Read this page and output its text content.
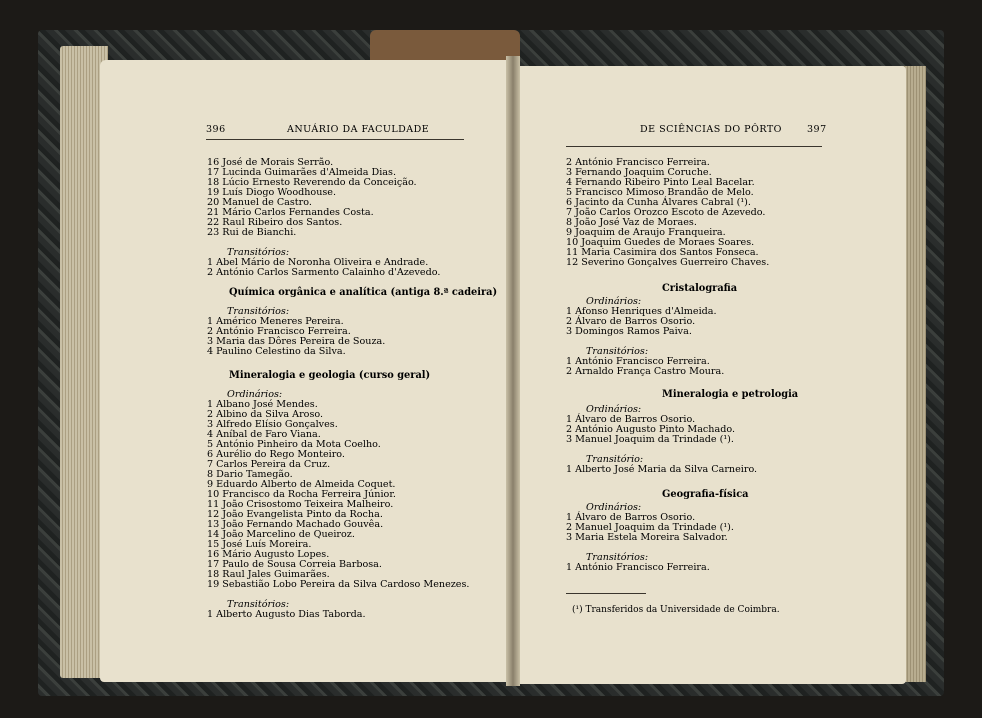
396	ANUÁRIO DA FACULDADE	DE SCIÊNCIAS DO PÔRTO	397
16 José de Morais Serrão.
17 Lucinda Guimarães d'Almeida Dias.
18 Lúcio Ernesto Reverendo da Conceição.
19 Luís Diogo Woodhouse.
20 Manuel de Castro.
21 Mário Carlos Fernandes Costa.
22 Raul Ribeiro dos Santos.
23 Rui de Bianchi.
Transitórios:
1 Abel Mário de Noronha Oliveira e Andrade.
2 António Carlos Sarmento Calainho d'Azevedo.
Química orgânica e analítica (antiga 8.ª cadeira)
Transitórios:
1 Américo Meneres Pereira.
2 António Francisco Ferreira.
3 Maria das Dôres Pereira de Souza.
4 Paulino Celestino da Silva.
Mineralogia e geologia (curso geral)
Ordinários:
1 Albano José Mendes.
2 Albino da Silva Aroso.
3 Alfredo Elísio Gonçalves.
4 Aníbal de Faro Viana.
5 António Pinheiro da Mota Coelho.
6 Aurélio do Rego Monteiro.
7 Carlos Pereira da Cruz.
8 Dario Tamegão.
9 Eduardo Alberto de Almeida Coquet.
10 Francisco da Rocha Ferreira Júnior.
11 João Crisostomo Teixeira Malheiro.
12 João Evangelista Pinto da Rocha.
13 João Fernando Machado Gouvêa.
14 João Marcelino de Queiroz.
15 José Luís Moreira.
16 Mário Augusto Lopes.
17 Paulo de Sousa Correia Barbosa.
18 Raul Jales Guimarães.
19 Sebastião Lobo Pereira da Silva Cardoso Menezes.
Transitórios:
1 Alberto Augusto Dias Taborda.
2 António Francisco Ferreira.
3 Fernando Joaquim Coruche.
4 Fernando Ribeiro Pinto Leal Bacelar.
5 Francisco Mimoso Brandão de Melo.
6 Jacinto da Cunha Álvares Cabral (¹).
7 João Carlos Orozco Escoto de Azevedo.
8 João José Vaz de Moraes.
9 Joaquim de Araujo Franqueira.
10 Joaquim Guedes de Moraes Soares.
11 Maria Casimira dos Santos Fonseca.
12 Severino Gonçalves Guerreiro Chaves.
Cristalografia
Ordinários:
1 Afonso Henriques d'Almeida.
2 Álvaro de Barros Osorio.
3 Domingos Ramos Paiva.
Transitórios:
1 António Francisco Ferreira.
2 Arnaldo França Castro Moura.
Mineralogia e petrologia
Ordinários:
1 Álvaro de Barros Osorio.
2 António Augusto Pinto Machado.
3 Manuel Joaquim da Trindade (¹).
Transitório:
1 Alberto José Maria da Silva Carneiro.
Geografia-física
Ordinários:
1 Álvaro de Barros Osorio.
2 Manuel Joaquim da Trindade (¹).
3 Maria Estela Moreira Salvador.
Transitórios:
1 António Francisco Ferreira.
(¹) Transferidos da Universidade de Coimbra.
